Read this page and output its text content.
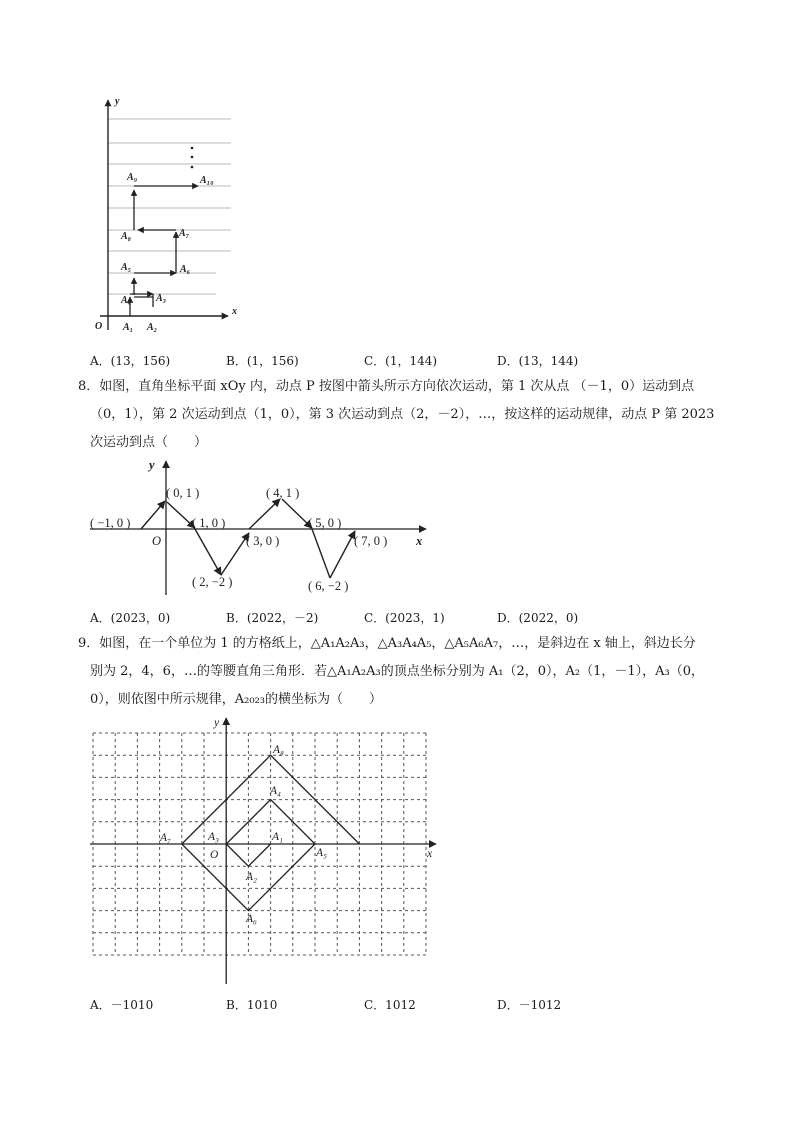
y
x
O A₁ A₂
A₃
A₄
A₅	A₆
A₇
A₈
A₉	A₁₀
A．(13，156)	B．(1，156)	C．(1，144)	D．(13，144)
8．如图，直角坐标平面 xOy 内，动点 P 按图中箭头所示方向依次运动，第 1 次从点 （－1，0）运动到点
（0，1），第 2 次运动到点（1，0），第 3 次运动到点（2，－2），…，按这样的运动规律，动点 P 第 2023
次运动到点（　　）
y
x
O
( −1, 0 )
( 0, 1 )
( 1, 0 )
( 2, −2 )
( 3, 0 )
( 4, 1 )
( 5, 0 )
( 6, −2 )
( 7, 0 )
A．(2023，0)	B．(2022，－2)	C．(2023，1)	D．(2022，0)
9．如图，在一个单位为 1 的方格纸上，△A₁A₂A₃，△A₃A₄A₅，△A₅A₆A₇，…，是斜边在 x 轴上，斜边长分
别为 2，4，6，…的等腰直角三角形．若△A₁A₂A₃的顶点坐标分别为 A₁（2，0），A₂（1，－1），A₃（0，
0），则依图中所示规律，A₂₀₂₃的横坐标为（　　）
y
x
O
A₁
A₂
A₃
A₄
A₅
A₆
A₇
A₈
A．－1010	B．1010	C．1012	D．－1012
